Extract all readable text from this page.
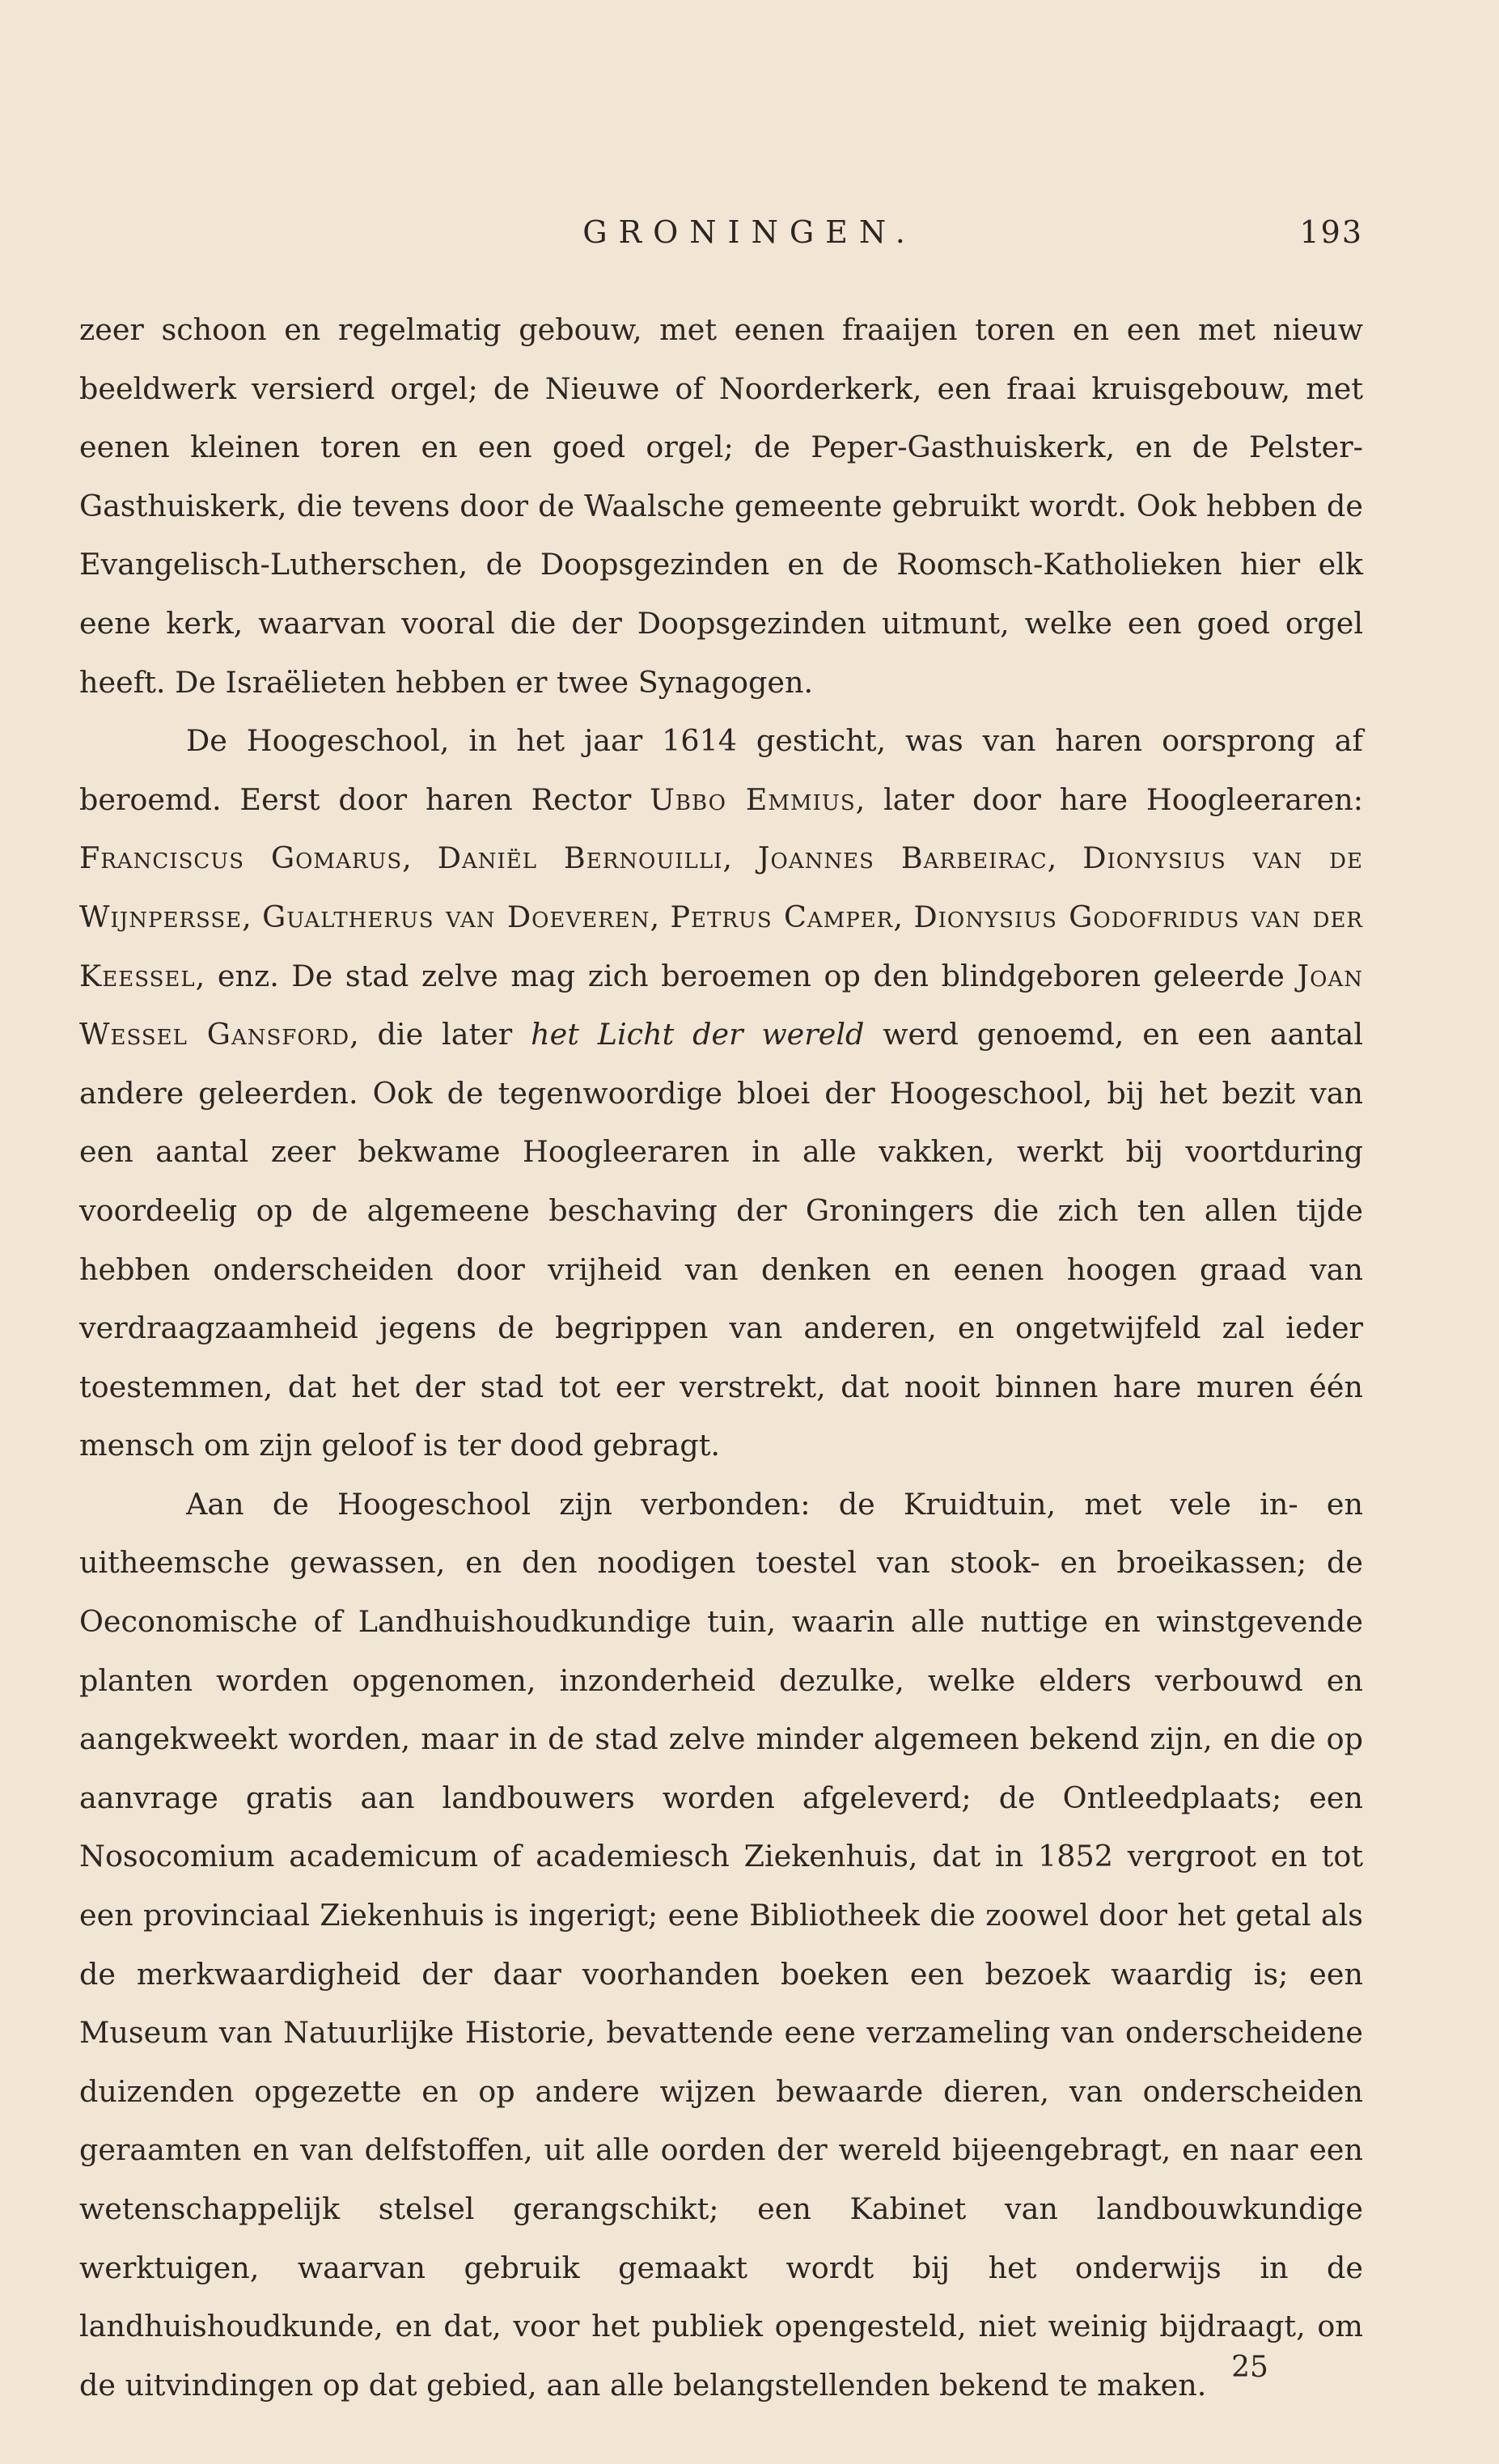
GRONINGEN.	193

zeer schoon en regelmatig gebouw, met eenen fraaijen toren en een met nieuw beeldwerk versierd orgel; de Nieuwe of Noorderkerk, een fraai kruisgebouw, met eenen kleinen toren en een goed orgel; de Peper-Gasthuiskerk, en de Pelster-Gasthuiskerk, die tevens door de Waalsche gemeente gebruikt wordt. Ook hebben de Evangelisch-Lutherschen, de Doopsgezinden en de Roomsch-Katholieken hier elk eene kerk, waarvan vooral die der Doopsgezinden uitmunt, welke een goed orgel heeft. De Israëlieten hebben er twee Synagogen.

De Hoogeschool, in het jaar 1614 gesticht, was van haren oorsprong af beroemd. Eerst door haren Rector Ubbo Emmius, later door hare Hoogleeraren: Franciscus Gomarus, Daniël Bernouilli, Joannes Barbeirac, Dionysius van de Wijnpersse, Gualtherus van Doeveren, Petrus Camper, Dionysius Godofridus van der Keessel, enz. De stad zelve mag zich beroemen op den blindgeboren geleerde Joan Wessel Gansford, die later het Licht der wereld werd genoemd, en een aantal andere geleerden. Ook de tegenwoordige bloei der Hoogeschool, bij het bezit van een aantal zeer bekwame Hoogleeraren in alle vakken, werkt bij voortduring voordeelig op de algemeene beschaving der Groningers die zich ten allen tijde hebben onderscheiden door vrijheid van denken en eenen hoogen graad van verdraagzaamheid jegens de begrippen van anderen, en ongetwijfeld zal ieder toestemmen, dat het der stad tot eer verstrekt, dat nooit binnen hare muren één mensch om zijn geloof is ter dood gebragt.

Aan de Hoogeschool zijn verbonden: de Kruidtuin, met vele in- en uitheemsche gewassen, en den noodigen toestel van stook- en broeikassen; de Oeconomische of Landhuishoudkundige tuin, waarin alle nuttige en winstgevende planten worden opgenomen, inzonderheid dezulke, welke elders verbouwd en aangekweekt worden, maar in de stad zelve minder algemeen bekend zijn, en die op aanvrage gratis aan landbouwers worden afgeleverd; de Ontleedplaats; een Nosocomium academicum of academiesch Ziekenhuis, dat in 1852 vergroot en tot een provinciaal Ziekenhuis is ingerigt; eene Bibliotheek die zoowel door het getal als de merkwaardigheid der daar voorhanden boeken een bezoek waardig is; een Museum van Natuurlijke Historie, bevattende eene verzameling van onderscheidene duizenden opgezette en op andere wijzen bewaarde dieren, van onderscheiden geraamten en van delfstoffen, uit alle oorden der wereld bijeengebragt, en naar een wetenschappelijk stelsel gerangschikt; een Kabinet van landbouwkundige werktuigen, waarvan gebruik gemaakt wordt bij het onderwijs in de landhuishoudkunde, en dat, voor het publiek opengesteld, niet weinig bijdraagt, om de uitvindingen op dat gebied, aan alle belangstellenden bekend te maken.

25
